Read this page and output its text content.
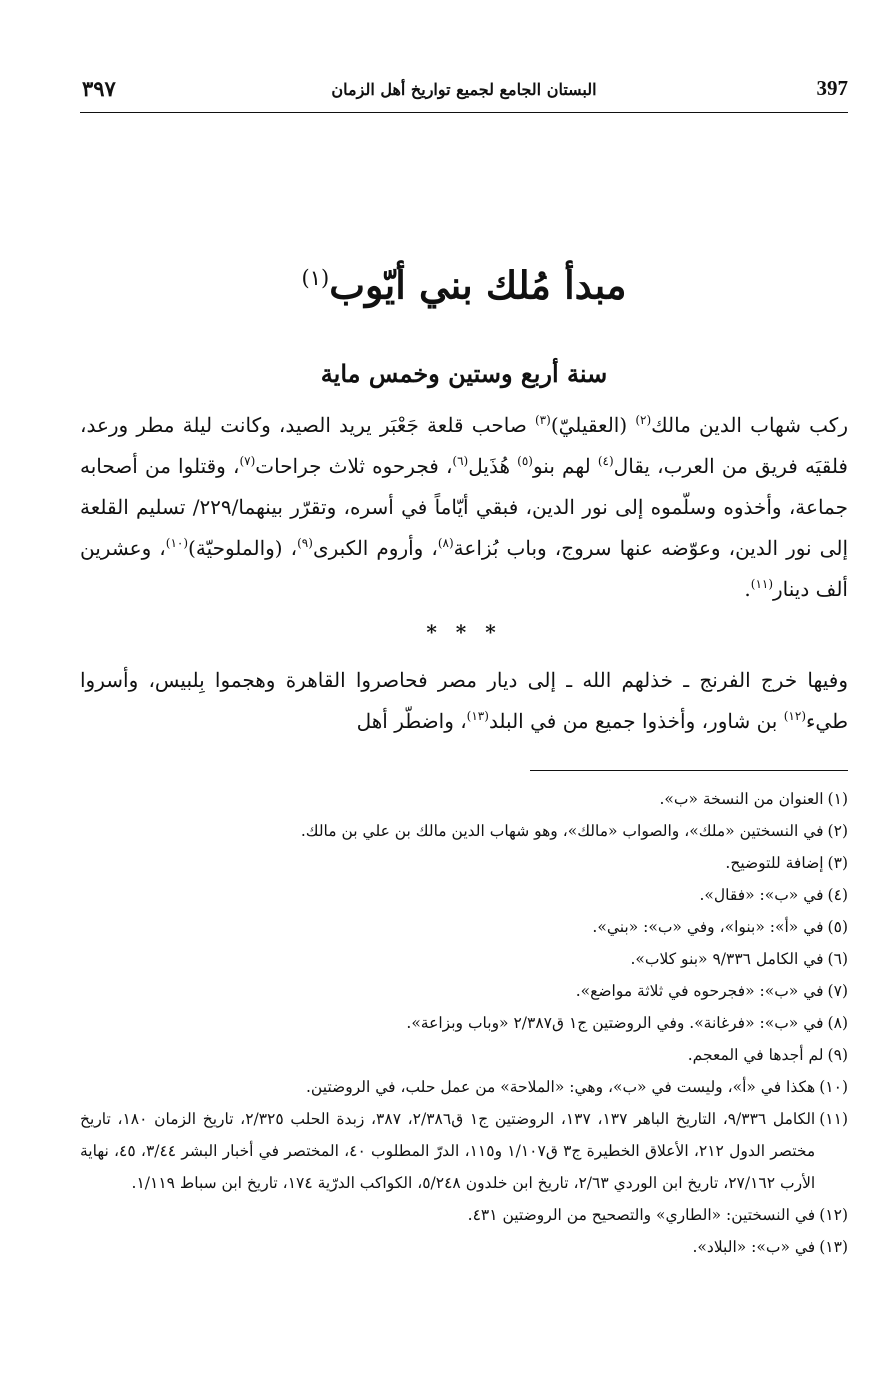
397
البستان الجامع لجميع تواريخ أهل الزمان
٣٩٧
مبدأ مُلك بني أيّوب$^{(١)}$
سنة أربع وستين وخمس ماية

ركب شهاب الدين مالك$^{(٢)}$ (العقيليّ)$^{(٣)}$ صاحب قلعة جَعْبَر يريد الصيد، وكانت ليلة مطر ورعد، فلقيَه فريق من العرب، يقال$^{(٤)}$ لهم بنو$^{(٥)}$ هُذَيل$^{(٦)}$، فجرحوه ثلاث جراحات$^{(٧)}$، وقتلوا من أصحابه جماعة، وأخذوه وسلّموه إلى نور الدين، فبقي أيّاماً في أسره، وتقرّر بينهما/٢٢٩/ تسليم القلعة إلى نور الدين، وعوّضه عنها سروج، وباب بُزاعة$^{(٨)}$، وأروم الكبرى$^{(٩)}$، (والملوحيّة)$^{(١٠)}$، وعشرين ألف دينار$^{(١١)}$.

* * *

وفيها خرج الفرنج ـ خذلهم الله ـ إلى ديار مصر فحاصروا القاهرة وهجموا بِلبيس، وأسروا طيء$^{(١٢)}$ بن شاور، وأخذوا جميع من في البلد$^{(١٣)}$، واضطّر أهل

(١)
العنوان من النسخة «ب».
(٢)
في النسختين «ملك»، والصواب «مالك»، وهو شهاب الدين مالك بن علي بن مالك.
(٣)
إضافة للتوضيح.
(٤)
في «ب»: «فقال».
(٥)
في «أ»: «بنوا»، وفي «ب»: «بني».
(٦)
في الكامل ٩/٣٣٦ «بنو كلاب».
(٧)
في «ب»: «فجرحوه في ثلاثة مواضع».
(٨)
في «ب»: «فرغانة». وفي الروضتين ج١ ق٢/٣٨٧ «وباب وبزاعة».
(٩)
لم أجدها في المعجم.
(١٠)
هكذا في «أ»، وليست في «ب»، وهي: «الملاحة» من عمل حلب، في الروضتين.
(١١)
الكامل ٩/٣٣٦، التاريخ الباهر ١٣٧، ١٣٧، الروضتين ج١ ق٢/٣٨٦، ٣٨٧، زبدة الحلب ٢/٣٢٥، تاريخ الزمان ١٨٠، تاريخ مختصر الدول ٢١٢، الأعلاق الخطيرة ج٣ ق١/١٠٧ و١١٥، الدرّ المطلوب ٤٠، المختصر في أخبار البشر ٣/٤٤، ٤٥، نهاية الأرب ٢٧/١٦٢، تاريخ ابن الوردي ٢/٦٣، تاريخ ابن خلدون ٥/٢٤٨، الكواكب الدرّية ١٧٤، تاريخ ابن سباط ١/١١٩.
(١٢)
في النسختين: «الطاري» والتصحيح من الروضتين ٤٣١.
(١٣)
في «ب»: «البلاد».
